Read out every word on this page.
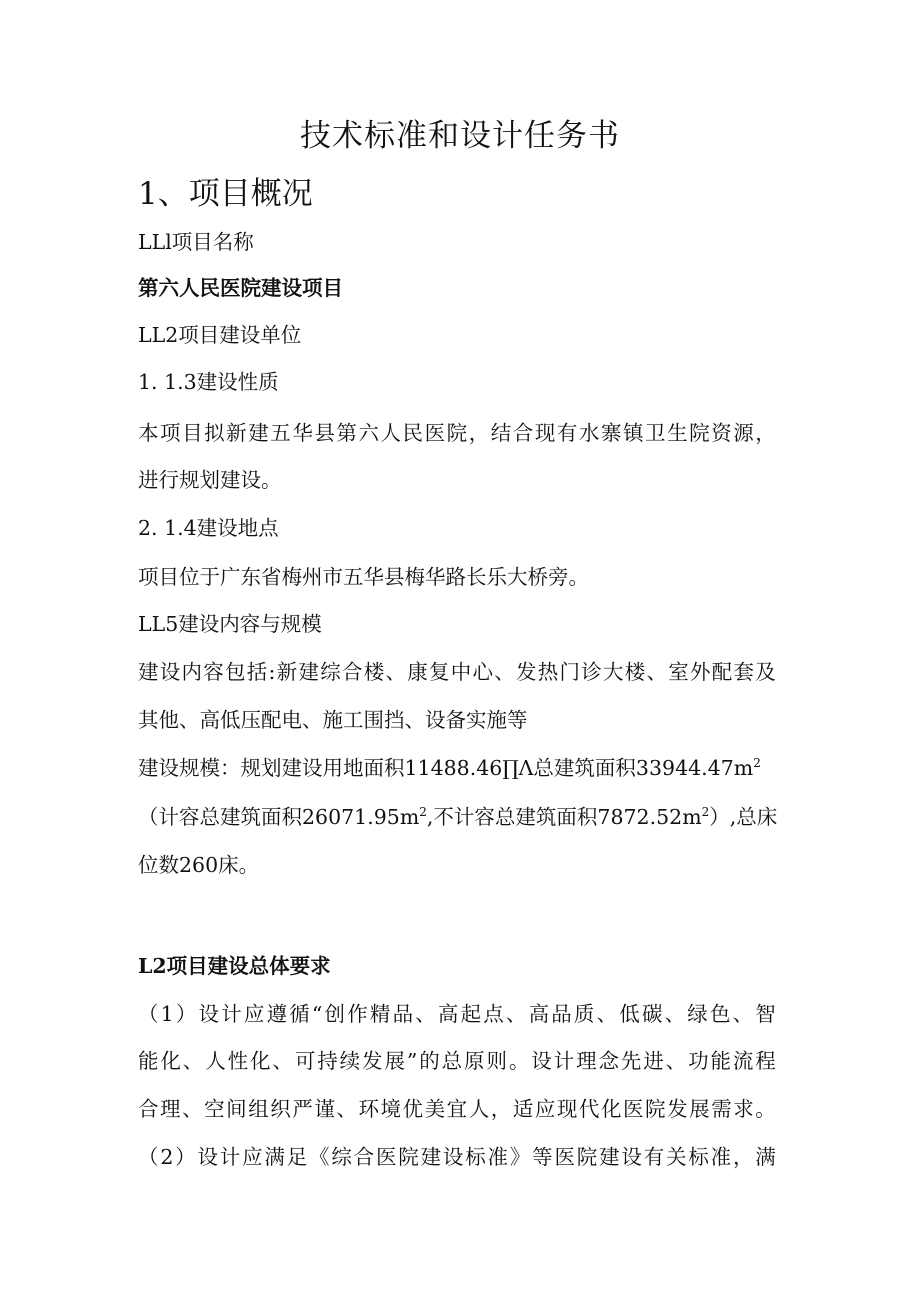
技术标准和设计任务书
1、项目概况
LLl项目名称
第六人民医院建设项目
LL2项目建设单位
1. 1.3建设性质
本项目拟新建五华县第六人民医院，结合现有水寨镇卫生院资源，
进行规划建设。
2. 1.4建设地点
项目位于广东省梅州市五华县梅华路长乐大桥旁。
LL5建设内容与规模
建设内容包括:新建综合楼、康复中心、发热门诊大楼、室外配套及
其他、高低压配电、施工围挡、设备实施等
建设规模：规划建设用地面积11488.46∏Λ总建筑面积$33944.47m^2$
（计容总建筑面积$26071.95m^2$,不计容总建筑面积$7872.52m^2$）,总床
位数260床。
L2项目建设总体要求
（1）设计应遵循“创作精品、高起点、高品质、低碳、绿色、智
能化、人性化、可持续发展”的总原则。设计理念先进、功能流程
合理、空间组织严谨、环境优美宜人，适应现代化医院发展需求。
（2）设计应满足《综合医院建设标准》等医院建设有关标准，满
